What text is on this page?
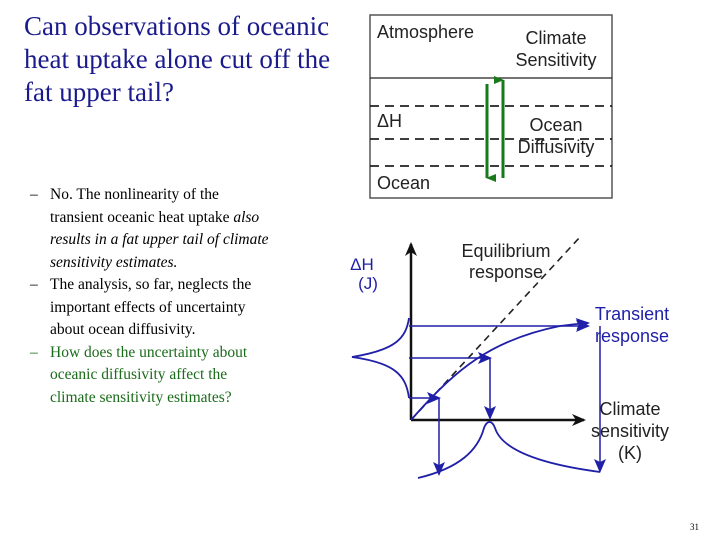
Can observations of oceanic heat uptake alone cut off the fat upper tail?
– No. The nonlinearity of the transient oceanic heat uptake also results in a fat upper tail of climate sensitivity estimates.
– The analysis, so far, neglects the important effects of uncertainty about ocean diffusivity.
– How does the uncertainty about oceanic diffusivity affect the climate sensitivity estimates?
Atmosphere	Climate
Sensitivity
ΔH	Ocean
Diffusivity
Ocean
ΔH
(J)
Equilibrium
response
Transient
response
Climate
sensitivity
(K)
31
